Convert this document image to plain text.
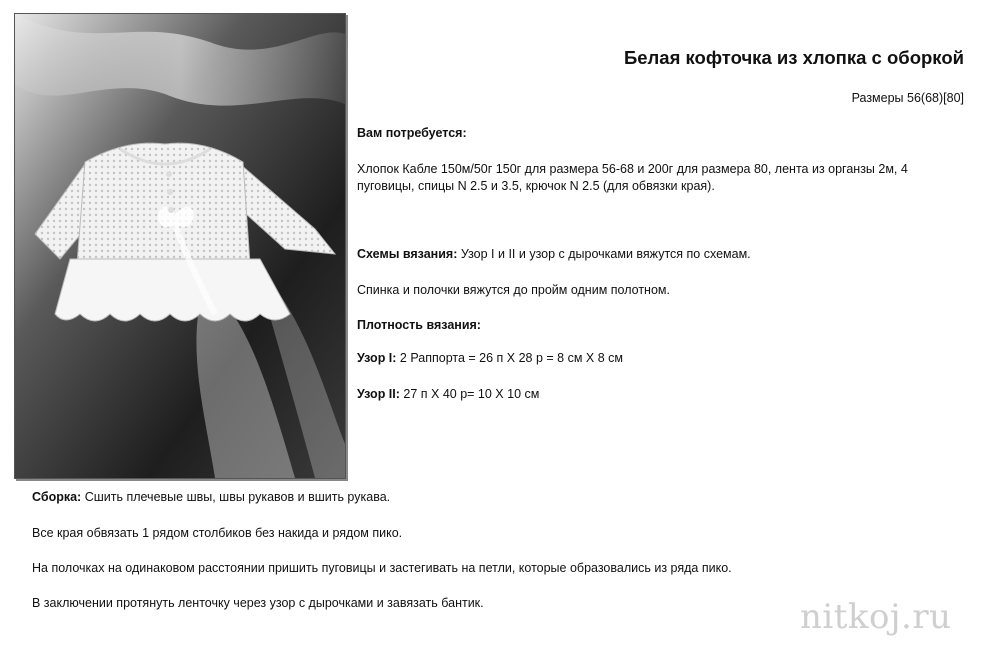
Белая кофточка из хлопка с оборкой
Размеры 56(68)[80]
Вам потребуется:
Хлопок Кабле 150м/50г 150г для размера 56-68 и 200г для размера 80, лента из органзы 2м, 4 пуговицы, спицы N 2.5 и 3.5, крючок N 2.5 (для обвязки края).
Схемы вязания: Узор I и II и узор с дырочками вяжутся по схемам.
Спинка и полочки вяжутся до пройм одним полотном.
Плотность вязания:
Узор I: 2 Раппорта = 26 п X 28 р = 8 см X 8 см
Узор II: 27 п X 40 р= 10 X 10 см
Сборка: Сшить плечевые швы, швы рукавов и вшить рукава.
Все края обвязать 1 рядом столбиков без накида и рядом пико.
На полочках на одинаковом расстоянии пришить пуговицы и застегивать на петли, которые образовались из ряда пико.
В заключении протянуть ленточку через узор с дырочками и завязать бантик.	nitkoj.ru
